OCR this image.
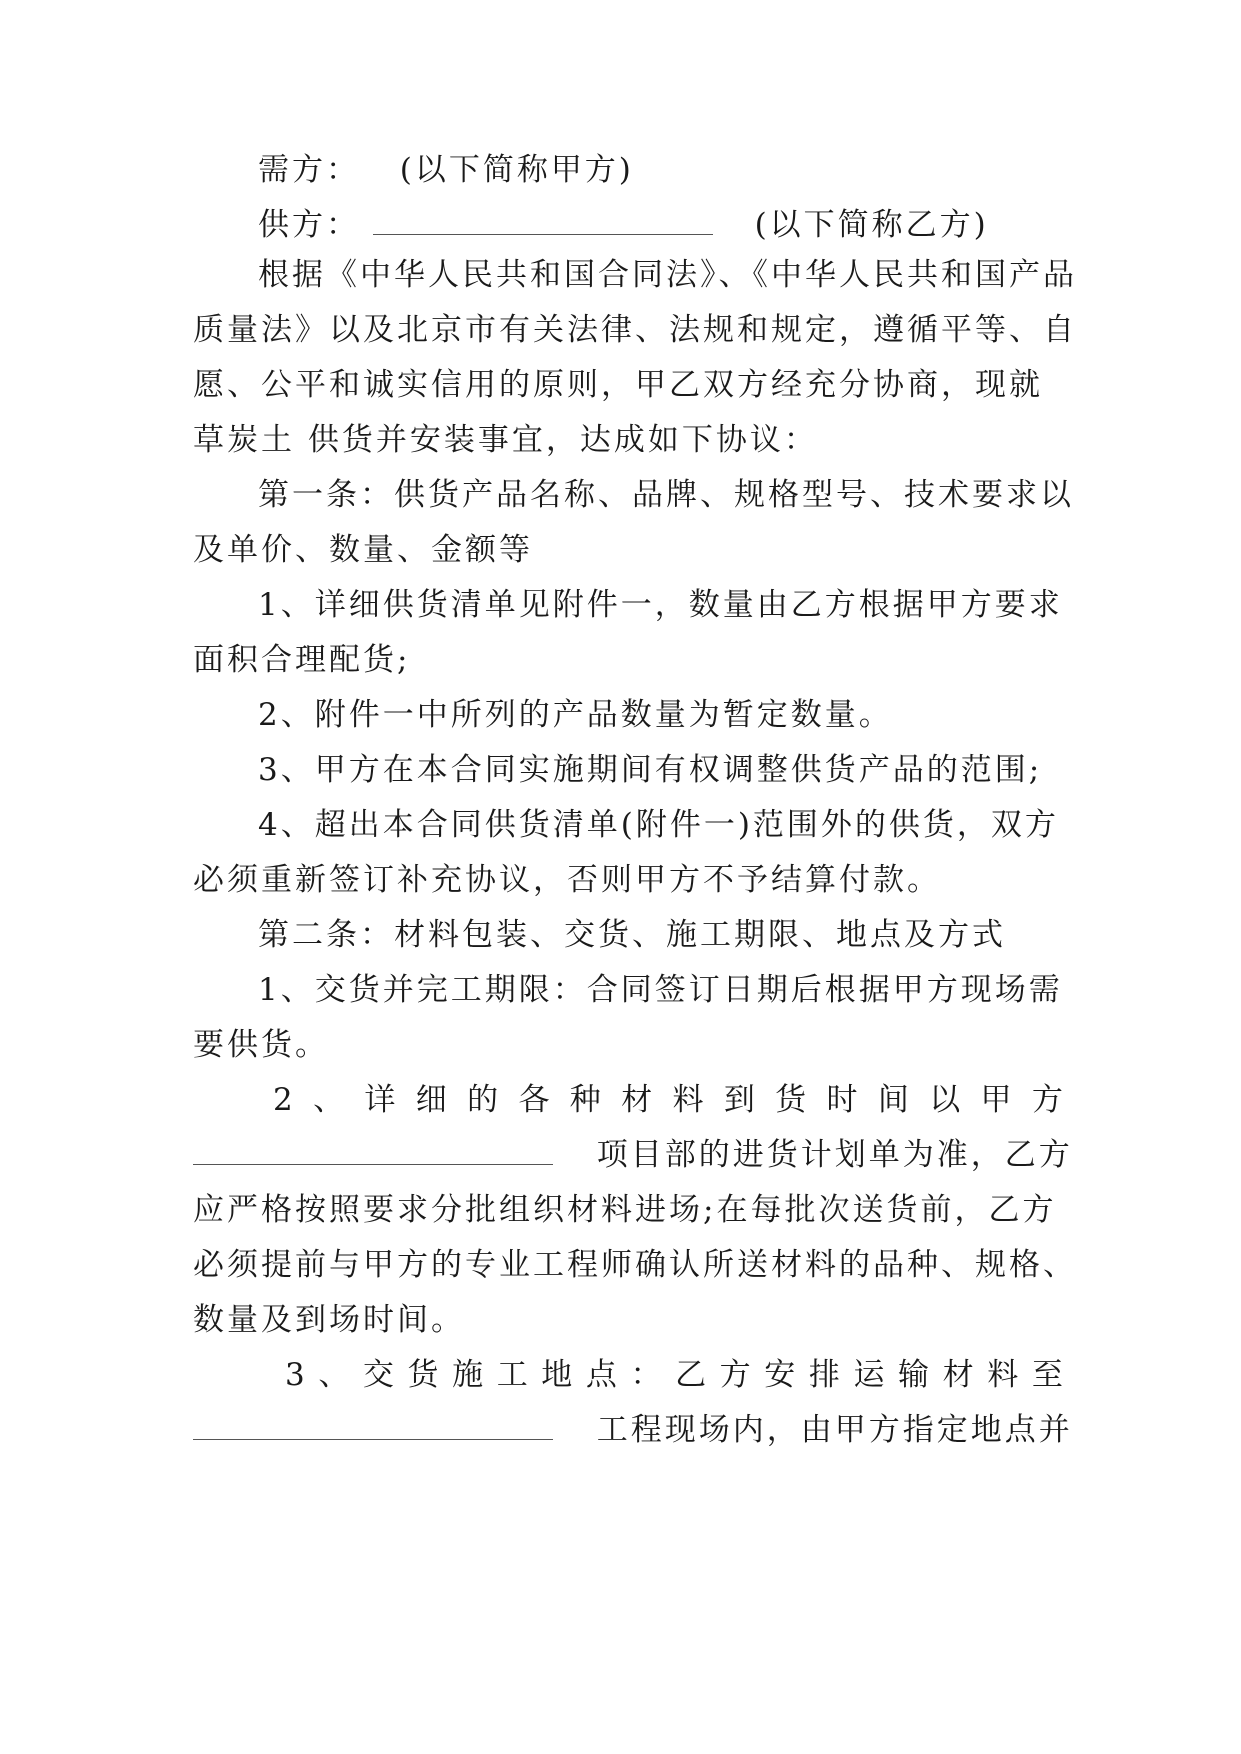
需方： (以下简称甲方)
供方：	(以下简称乙方)
根据《中华人民共和国合同法》、《中华人民共和国产品
质量法》以及北京市有关法律、法规和规定，遵循平等、自
愿、公平和诚实信用的原则，甲乙双方经充分协商，现就
草炭土 供货并安装事宜，达成如下协议：
第一条：供货产品名称、品牌、规格型号、技术要求以
及单价、数量、金额等
1、详细供货清单见附件一，数量由乙方根据甲方要求
面积合理配货;
2、附件一中所列的产品数量为暂定数量。
3、甲方在本合同实施期间有权调整供货产品的范围;
4、超出本合同供货清单(附件一)范围外的供货，双方
必须重新签订补充协议，否则甲方不予结算付款。
第二条：材料包装、交货、施工期限、地点及方式
1、交货并完工期限：合同签订日期后根据甲方现场需
要供货。
2 、 详 细 的 各 种 材 料 到 货 时 间 以 甲 方
项目部的进货计划单为准，乙方
应严格按照要求分批组织材料进场;在每批次送货前，乙方
必须提前与甲方的专业工程师确认所送材料的品种、规格、
数量及到场时间。
3 、 交 货 施 工 地 点 ： 乙 方 安 排 运 输 材 料 至
工程现场内，由甲方指定地点并
